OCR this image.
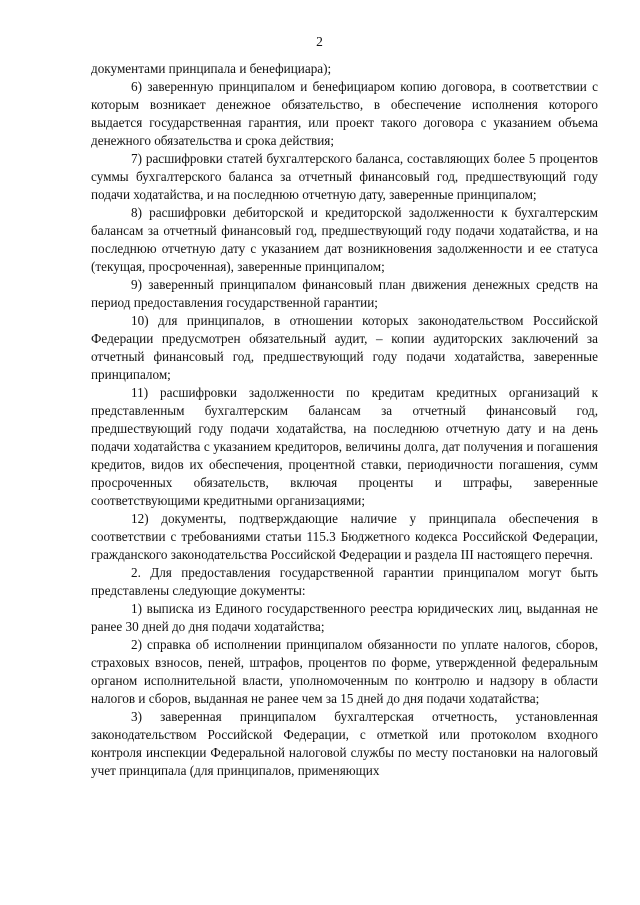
2

документами принципала и бенефициара);

6) заверенную принципалом и бенефициаром копию договора, в соответствии с которым возникает денежное обязательство, в обеспечение исполнения которого выдается государственная гарантия, или проект такого договора с указанием объема денежного обязательства и срока действия;

7) расшифровки статей бухгалтерского баланса, составляющих более 5 процентов суммы бухгалтерского баланса за отчетный финансовый год, предшествующий году подачи ходатайства, и на последнюю отчетную дату, заверенные принципалом;

8) расшифровки дебиторской и кредиторской задолженности к бухгалтерским балансам за отчетный финансовый год, предшествующий году подачи ходатайства, и на последнюю отчетную дату с указанием дат возникновения задолженности и ее статуса (текущая, просроченная), заверенные принципалом;

9) заверенный принципалом финансовый план движения денежных средств на период предоставления государственной гарантии;

10) для принципалов, в отношении которых законодательством Российской Федерации предусмотрен обязательный аудит, – копии аудиторских заключений за отчетный финансовый год, предшествующий году подачи ходатайства, заверенные принципалом;

11) расшифровки задолженности по кредитам кредитных организаций к представленным бухгалтерским балансам за отчетный финансовый год, предшествующий году подачи ходатайства, на последнюю отчетную дату и на день подачи ходатайства с указанием кредиторов, величины долга, дат получения и погашения кредитов, видов их обеспечения, процентной ставки, периодичности погашения, сумм просроченных обязательств, включая проценты и штрафы, заверенные соответствующими кредитными организациями;

12) документы, подтверждающие наличие у принципала обеспечения в соответствии с требованиями статьи 115.3 Бюджетного кодекса Российской Федерации, гражданского законодательства Российской Федерации и раздела III настоящего перечня.

2. Для предоставления государственной гарантии принципалом могут быть представлены следующие документы:

1) выписка из Единого государственного реестра юридических лиц, выданная не ранее 30 дней до дня подачи ходатайства;

2) справка об исполнении принципалом обязанности по уплате налогов, сборов, страховых взносов, пеней, штрафов, процентов по форме, утвержденной федеральным органом исполнительной власти, уполномоченным по контролю и надзору в области налогов и сборов, выданная не ранее чем за 15 дней до дня подачи ходатайства;

3) заверенная принципалом бухгалтерская отчетность, установленная законодательством Российской Федерации, с отметкой или протоколом входного контроля инспекции Федеральной налоговой службы по месту постановки на налоговый учет принципала (для принципалов, применяющих
